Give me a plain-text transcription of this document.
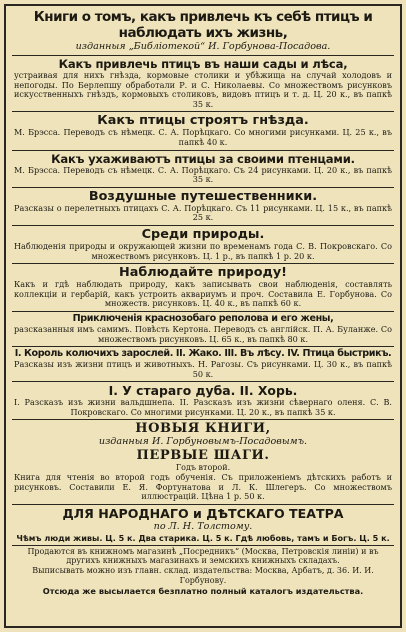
Книги о томъ, какъ привлечь къ себѣ птицъ и наблюдать ихъ жизнь,
изданныя „Библіотекой“ И. Горбунова-Посадова.
Какъ привлечь птицъ въ наши сады и лѣса,
устраивая для нихъ гнѣзда, кормовые столики и убѣжища на случай холодовъ и непогоды. По Берлепшу обработали Р. и С. Николаевы. Со множествомъ рисунковъ искусственныхъ гнѣздъ, кормовыхъ столиковъ, видовъ птицъ и т. д. Ц. 20 к., въ папкѣ 35 к.
Какъ птицы строятъ гнѣзда.
М. Брэсса. Переводъ съ нѣмецк. С. А. Порѣцкаго. Со многими рисунками. Ц. 25 к., въ папкѣ 40 к.
Какъ ухаживаютъ птицы за своими птенцами.
М. Брэсса. Переводъ съ нѣмецк. С. А. Порѣцкаго. Съ 24 рисунками. Ц. 20 к., въ папкѣ 35 к.
Воздушные путешественники.
Разсказы о перелетныхъ птицахъ С. А. Порѣцкаго. Съ 11 рисунками. Ц. 15 к., въ папкѣ 25 к.
Среди природы.
Наблюденія природы и окружающей жизни по временамъ года С. В. Покровскаго. Со множествомъ рисунковъ. Ц. 1 р., въ папкѣ 1 р. 20 к.
Наблюдайте природу!
Какъ и гдѣ наблюдать природу, какъ записывать свои наблюденія, составлять коллекціи и гербарій, какъ устроить аквариумъ и проч. Составила Е. Горбунова. Со множеств. рисунковъ. Ц. 40 к., въ папкѣ 60 к.
Приключенія краснозобаго реполова и его жены,
разсказанныя имъ самимъ. Повѣсть Кертона. Переводъ съ англійск. П. А. Буланже. Со множествомъ рисунковъ. Ц. 65 к., въ папкѣ 80 к.
I. Король колючихъ зарослей. II. Жако. III. Въ лѣсу. IV. Птица быстрикъ.
Разсказы изъ жизни птицъ и животныхъ. Н. Рагозы. Съ рисунками. Ц. 30 к., въ папкѣ 50 к.
I. У стараго дуба. II. Хорь.
I. Разсказъ изъ жизни вальдшнепа. II. Разсказъ изъ жизни сѣвернаго оленя. С. В. Покровскаго. Со многими рисунками. Ц. 20 к., въ папкѣ 35 к.
НОВЫЯ КНИГИ,
изданныя И. Горбуновымъ-Посадовымъ.
ПЕРВЫЕ ШАГИ.
Годъ второй.
Книга для чтенія во второй годъ обученія. Съ приложеніемъ дѣтскихъ работъ и рисунковъ. Составили Е. Я. Фортунатова и Л. К. Шлегеръ. Со множествомъ иллюстрацій. Цѣна 1 р. 50 к.
ДЛЯ НАРОДНАГО и ДѢТСКАГО ТЕАТРА
по Л. Н. Толстому.
Чѣмъ люди живы. Ц. 5 к. Два старика. Ц. 5 к. Гдѣ любовь, тамъ и Богъ. Ц. 5 к.
Продаются въ книжномъ магазинѣ „Посредникъ“ (Москва, Петровскія линіи) и въ другихъ книжныхъ магазинахъ и земскихъ книжныхъ складахъ.
Выписывать можно изъ главн. склад. издательства: Москва, Арбатъ, д. 36. И. И. Горбунову.
Отсюда же высылается безплатно полный каталогъ издательства.
